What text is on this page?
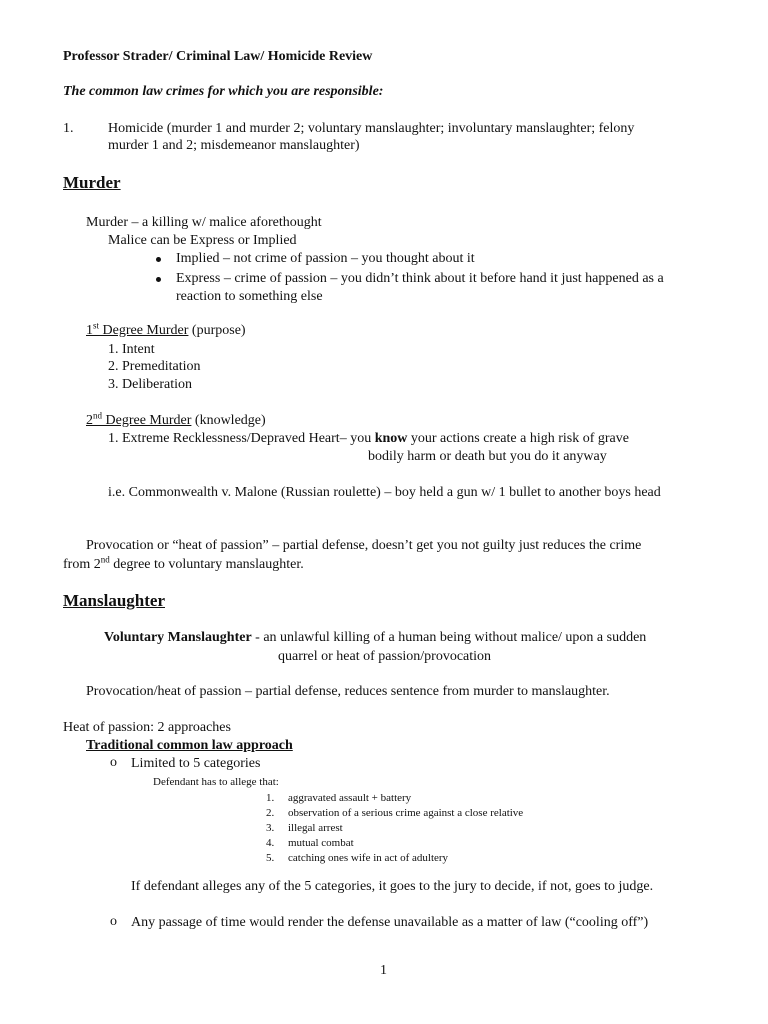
Professor Strader/ Criminal Law/ Homicide Review
The common law crimes for which you are responsible:
1. Homicide (murder 1 and murder 2; voluntary manslaughter; involuntary manslaughter; felony
murder 1 and 2; misdemeanor manslaughter)
Murder
Murder – a killing w/ malice aforethought
Malice can be Express or Implied
Implied – not crime of passion – you thought about it
Express – crime of passion – you didn’t think about it before hand it just happened as a
reaction to something else
1st Degree Murder (purpose)
1. Intent
2. Premeditation
3. Deliberation
2nd Degree Murder (knowledge)
1. Extreme Recklessness/Depraved Heart– you know your actions create a high risk of grave
bodily harm or death but you do it anyway
i.e. Commonwealth v. Malone (Russian roulette) – boy held a gun w/ 1 bullet to another boys head
Provocation or “heat of passion” – partial defense, doesn’t get you not guilty just reduces the crime
from 2nd degree to voluntary manslaughter.
Manslaughter
Voluntary Manslaughter - an unlawful killing of a human being without malice/ upon a sudden
quarrel or heat of passion/provocation
Provocation/heat of passion – partial defense, reduces sentence from murder to manslaughter.
Heat of passion: 2 approaches
Traditional common law approach
o Limited to 5 categories
Defendant has to allege that:
1. aggravated assault + battery
2. observation of a serious crime against a close relative
3. illegal arrest
4. mutual combat
5. catching ones wife in act of adultery
If defendant alleges any of the 5 categories, it goes to the jury to decide, if not, goes to judge.
o Any passage of time would render the defense unavailable as a matter of law (“cooling off”)
1
